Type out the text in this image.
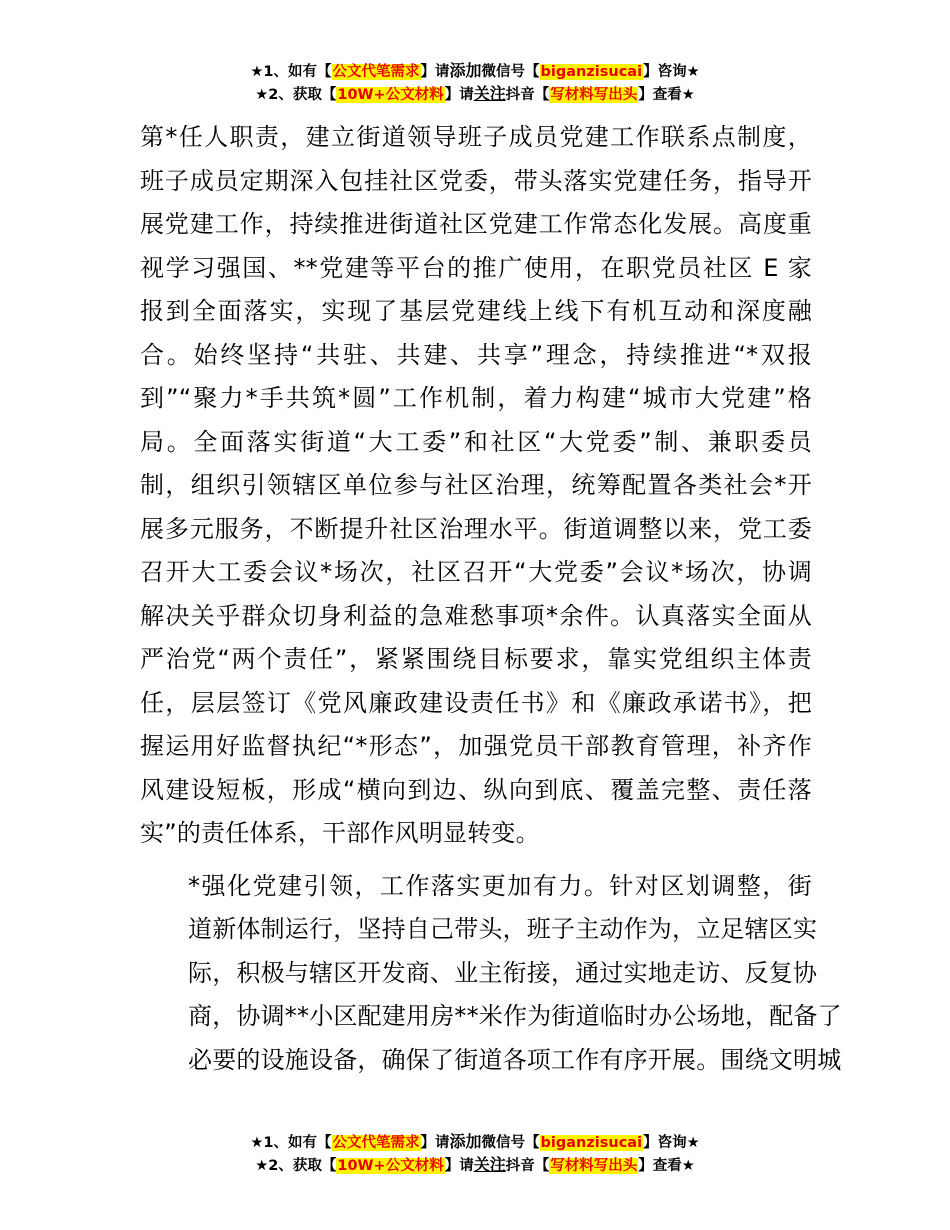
★1、如有【公文代笔需求】请添加微信号【biganzisucai】咨询★
★2、获取【10W+公文材料】请关注抖音【写材料写出头】查看★
第*任人职责，建立街道领导班子成员党建工作联系点制度，
班子成员定期深入包挂社区党委，带头落实党建任务，指导开
展党建工作，持续推进街道社区党建工作常态化发展。高度重
视学习强国、**党建等平台的推广使用，在职党员社区 E 家
报到全面落实，实现了基层党建线上线下有机互动和深度融
合。始终坚持“共驻、共建、共享”理念，持续推进“*双报
到”“聚力*手共筑*圆”工作机制，着力构建“城市大党建”格
局。全面落实街道“大工委”和社区“大党委”制、兼职委员
制，组织引领辖区单位参与社区治理，统筹配置各类社会*开
展多元服务，不断提升社区治理水平。街道调整以来，党工委
召开大工委会议*场次，社区召开“大党委”会议*场次，协调
解决关乎群众切身利益的急难愁事项*余件。认真落实全面从
严治党“两个责任”，紧紧围绕目标要求，靠实党组织主体责
任，层层签订《党风廉政建设责任书》和《廉政承诺书》，把
握运用好监督执纪“*形态”，加强党员干部教育管理，补齐作
风建设短板，形成“横向到边、纵向到底、覆盖完整、责任落
实”的责任体系，干部作风明显转变。
*强化党建引领，工作落实更加有力。针对区划调整，街
道新体制运行，坚持自己带头，班子主动作为，立足辖区实
际，积极与辖区开发商、业主衔接，通过实地走访、反复协
商，协调**小区配建用房**米作为街道临时办公场地，配备了
必要的设施设备，确保了街道各项工作有序开展。围绕文明城
★1、如有【公文代笔需求】请添加微信号【biganzisucai】咨询★
★2、获取【10W+公文材料】请关注抖音【写材料写出头】查看★
